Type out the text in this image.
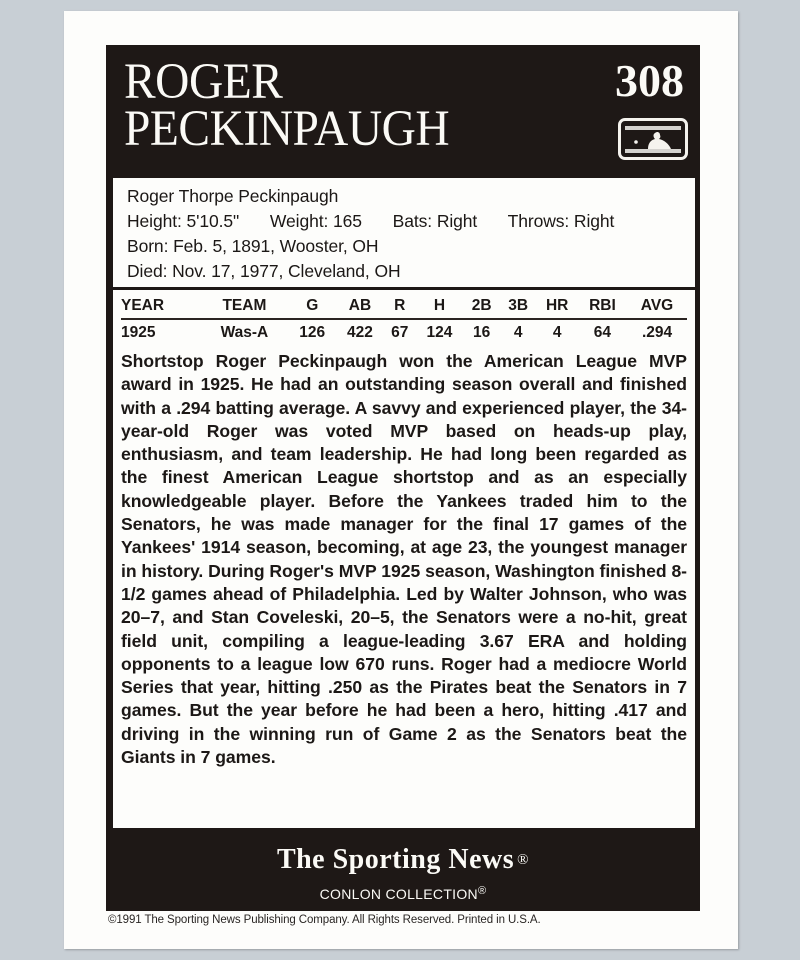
ROGER
PECKINPAUGH
308
Roger Thorpe Peckinpaugh
Height: 5'10.5" Weight: 165 Bats: Right Throws: Right
Born: Feb. 5, 1891, Wooster, OH
Died: Nov. 17, 1977, Cleveland, OH
YEAR	TEAM	G	AB	R	H	2B	3B	HR	RBI	AVG
1925	Was-A	126	422	67	124	16	4	4	64	.294
Shortstop Roger Peckinpaugh won the American League MVP award in 1925. He had an outstanding season overall and finished with a .294 batting average. A savvy and experienced player, the 34-year-old Roger was voted MVP based on heads-up play, enthusiasm, and team leadership. He had long been regarded as the finest American League shortstop and as an especially knowledgeable player. Before the Yankees traded him to the Senators, he was made manager for the final 17 games of the Yankees' 1914 season, becoming, at age 23, the youngest manager in history. During Roger's MVP 1925 season, Washington finished 8-1/2 games ahead of Philadelphia. Led by Walter Johnson, who was 20–7, and Stan Coveleski, 20–5, the Senators were a no-hit, great field unit, compiling a league-leading 3.67 ERA and holding opponents to a league low 670 runs. Roger had a mediocre World Series that year, hitting .250 as the Pirates beat the Senators in 7 games. But the year before he had been a hero, hitting .417 and driving in the winning run of Game 2 as the Senators beat the Giants in 7 games.
The Sporting News ®
CONLON COLLECTION®
©1991 The Sporting News Publishing Company. All Rights Reserved. Printed in U.S.A.
